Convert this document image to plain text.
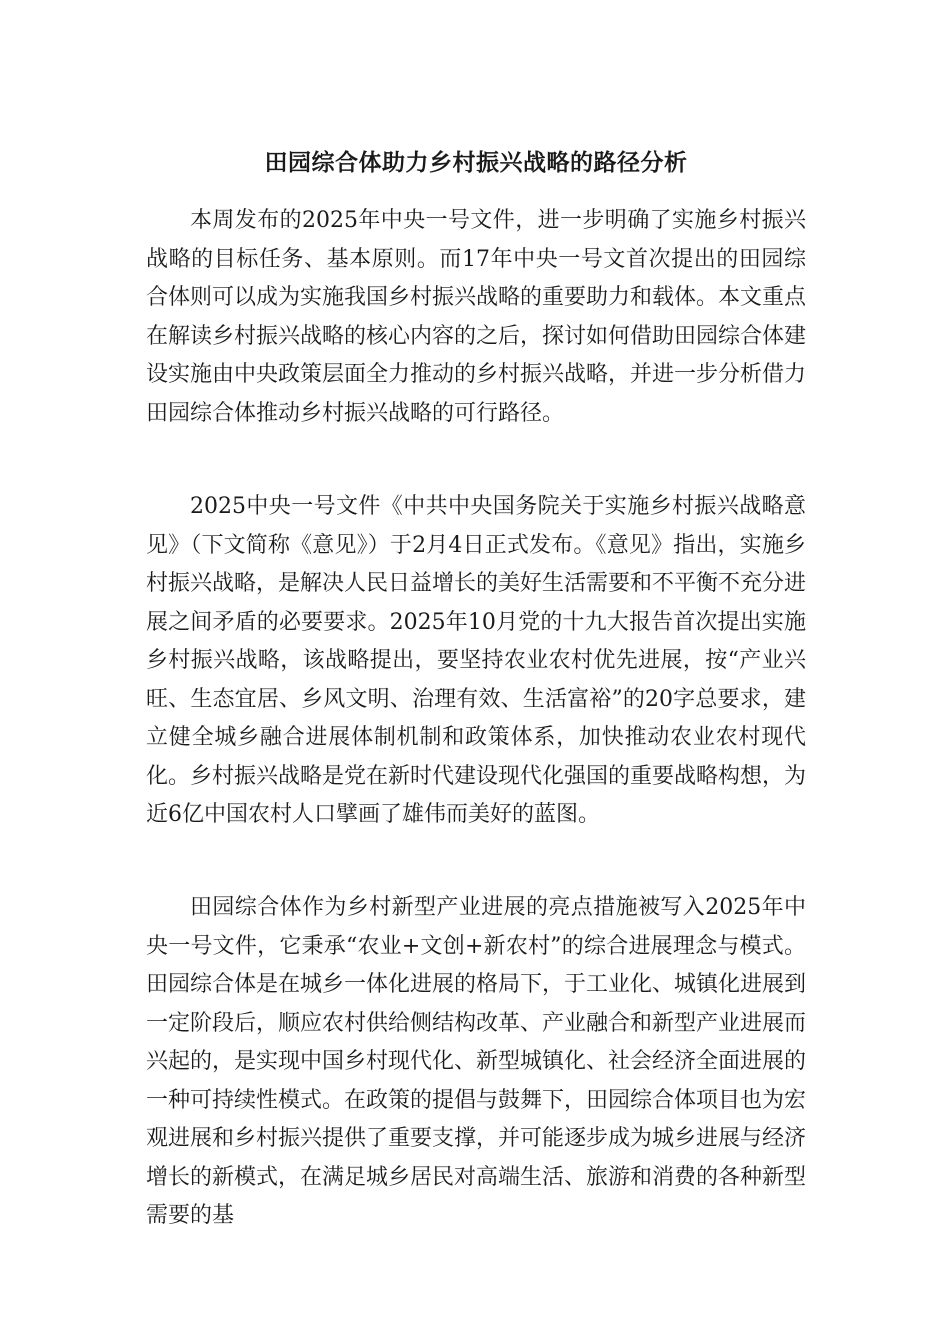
田园综合体助力乡村振兴战略的路径分析

本周发布的2025年中央一号文件，进一步明确了实施乡村振兴战略的目标任务、基本原则。而17年中央一号文首次提出的田园综合体则可以成为实施我国乡村振兴战略的重要助力和载体。本文重点在解读乡村振兴战略的核心内容的之后，探讨如何借助田园综合体建设实施由中央政策层面全力推动的乡村振兴战略，并进一步分析借力田园综合体推动乡村振兴战略的可行路径。

2025中央一号文件《中共中央国务院关于实施乡村振兴战略意见》（下文简称《意见》）于2月4日正式发布。《意见》指出，实施乡村振兴战略，是解决人民日益增长的美好生活需要和不平衡不充分进展之间矛盾的必要要求。2025年10月党的十九大报告首次提出实施乡村振兴战略，该战略提出，要坚持农业农村优先进展，按“产业兴旺、生态宜居、乡风文明、治理有效、生活富裕”的20字总要求，建立健全城乡融合进展体制机制和政策体系，加快推动农业农村现代化。乡村振兴战略是党在新时代建设现代化强国的重要战略构想，为近6亿中国农村人口擘画了雄伟而美好的蓝图。

田园综合体作为乡村新型产业进展的亮点措施被写入2025年中央一号文件，它秉承“农业+文创+新农村”的综合进展理念与模式。田园综合体是在城乡一体化进展的格局下，于工业化、城镇化进展到一定阶段后，顺应农村供给侧结构改革、产业融合和新型产业进展而兴起的，是实现中国乡村现代化、新型城镇化、社会经济全面进展的一种可持续性模式。在政策的提倡与鼓舞下，田园综合体项目也为宏观进展和乡村振兴提供了重要支撑，并可能逐步成为城乡进展与经济增长的新模式，在满足城乡居民对高端生活、旅游和消费的各种新型需要的基
